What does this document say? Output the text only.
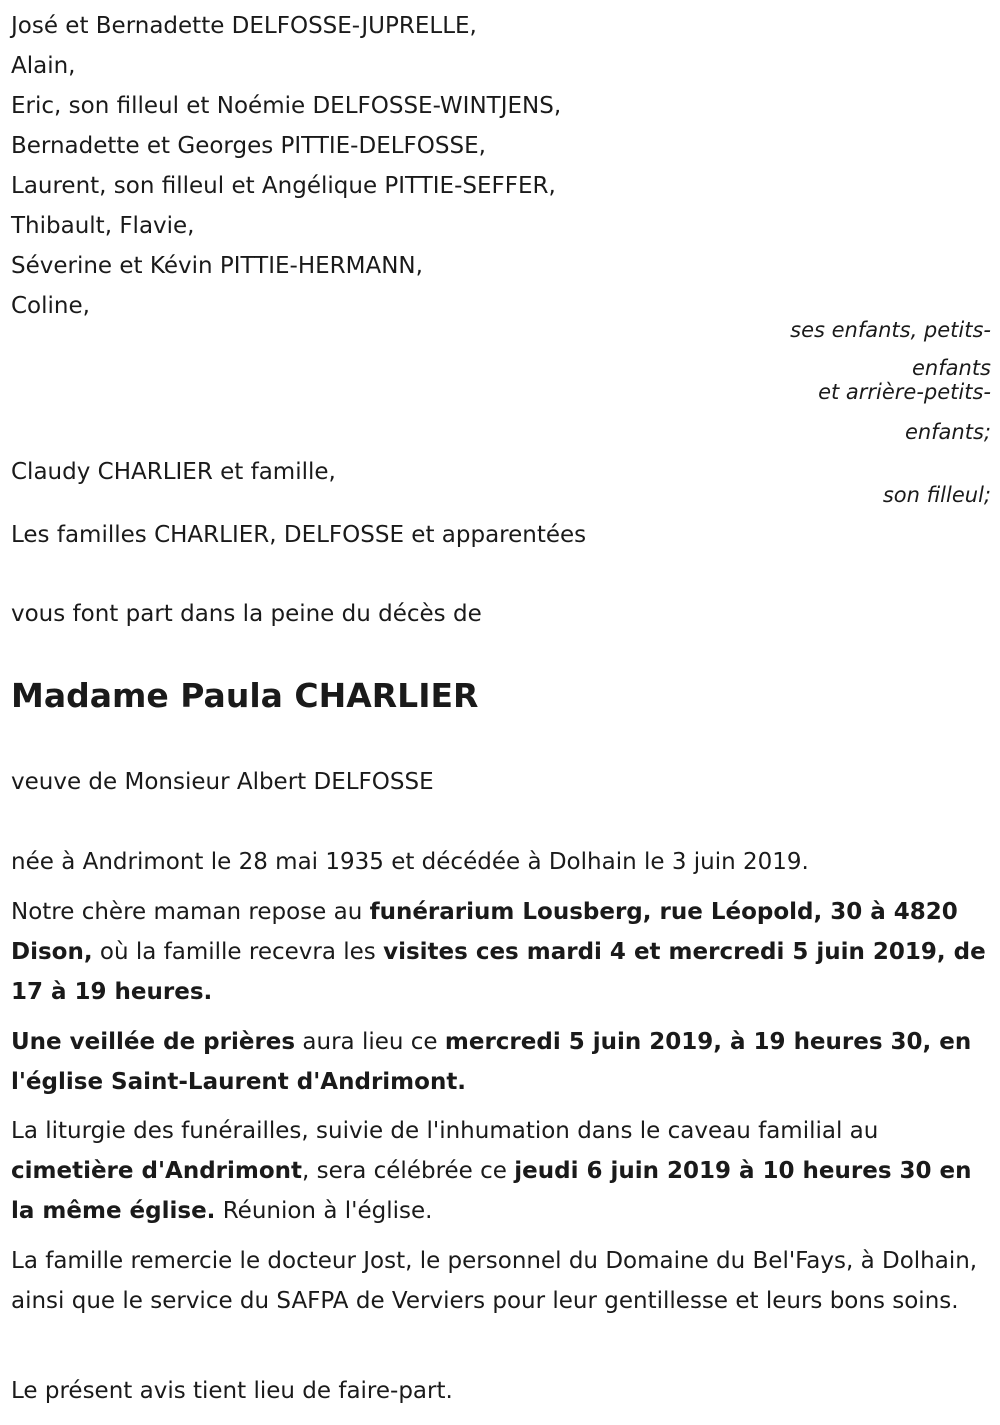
José et Bernadette DELFOSSE-JUPRELLE,

Alain,

Eric, son filleul et Noémie DELFOSSE-WINTJENS,

Bernadette et Georges PITTIE-DELFOSSE,

Laurent, son filleul et Angélique PITTIE-SEFFER,

Thibault, Flavie,

Séverine et Kévin PITTIE-HERMANN,

Coline,

ses enfants, petits-

enfants

et arrière-petits-

enfants;

Claudy CHARLIER et famille,

son filleul;

Les familles CHARLIER, DELFOSSE et apparentées

vous font part dans la peine du décès de

Madame Paula CHARLIER

veuve de Monsieur Albert DELFOSSE

née à Andrimont le 28 mai 1935 et décédée à Dolhain le 3 juin 2019.

Notre chère maman repose au funérarium Lousberg, rue Léopold, 30 à 4820 Dison, où la famille recevra les visites ces mardi 4 et mercredi 5 juin 2019, de 17 à 19 heures.

Une veillée de prières aura lieu ce mercredi 5 juin 2019, à 19 heures 30, en l'église Saint-Laurent d'Andrimont.

La liturgie des funérailles, suivie de l'inhumation dans le caveau familial au cimetière d'Andrimont, sera célébrée ce jeudi 6 juin 2019 à 10 heures 30 en la même église. Réunion à l'église.

La famille remercie le docteur Jost, le personnel du Domaine du Bel'Fays, à Dolhain, ainsi que le service du SAFPA de Verviers pour leur gentillesse et leurs bons soins.

Le présent avis tient lieu de faire-part.
